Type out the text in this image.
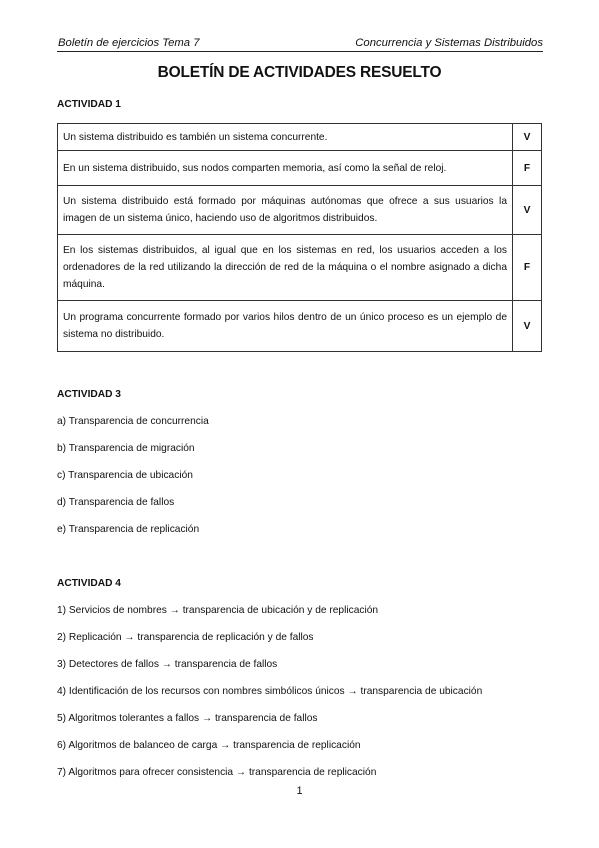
Boletín de ejercicios Tema 7	Concurrencia y Sistemas Distribuidos
BOLETÍN DE ACTIVIDADES RESUELTO
ACTIVIDAD 1
Un sistema distribuido es también un sistema concurrente.	V
En un sistema distribuido, sus nodos comparten memoria, así como la señal de reloj.	F
Un sistema distribuido está formado por máquinas autónomas que ofrece a sus usuarios la imagen de un sistema único, haciendo uso de algoritmos distribuidos.	V
En los sistemas distribuidos, al igual que en los sistemas en red, los usuarios acceden a los ordenadores de la red utilizando la dirección de red de la máquina o el nombre asignado a dicha máquina.	F
Un programa concurrente formado por varios hilos dentro de un único proceso es un ejemplo de sistema no distribuido.	V
ACTIVIDAD 3
a) Transparencia de concurrencia
b) Transparencia de migración
c) Transparencia de ubicación
d) Transparencia de fallos
e) Transparencia de replicación
ACTIVIDAD 4
1) Servicios de nombres → transparencia de ubicación y de replicación
2) Replicación → transparencia de replicación y de fallos
3) Detectores de fallos → transparencia de fallos
4) Identificación de los recursos con nombres simbólicos únicos → transparencia de ubicación
5) Algoritmos tolerantes a fallos → transparencia de fallos
6) Algoritmos de balanceo de carga → transparencia de replicación
7) Algoritmos para ofrecer consistencia → transparencia de replicación
1
